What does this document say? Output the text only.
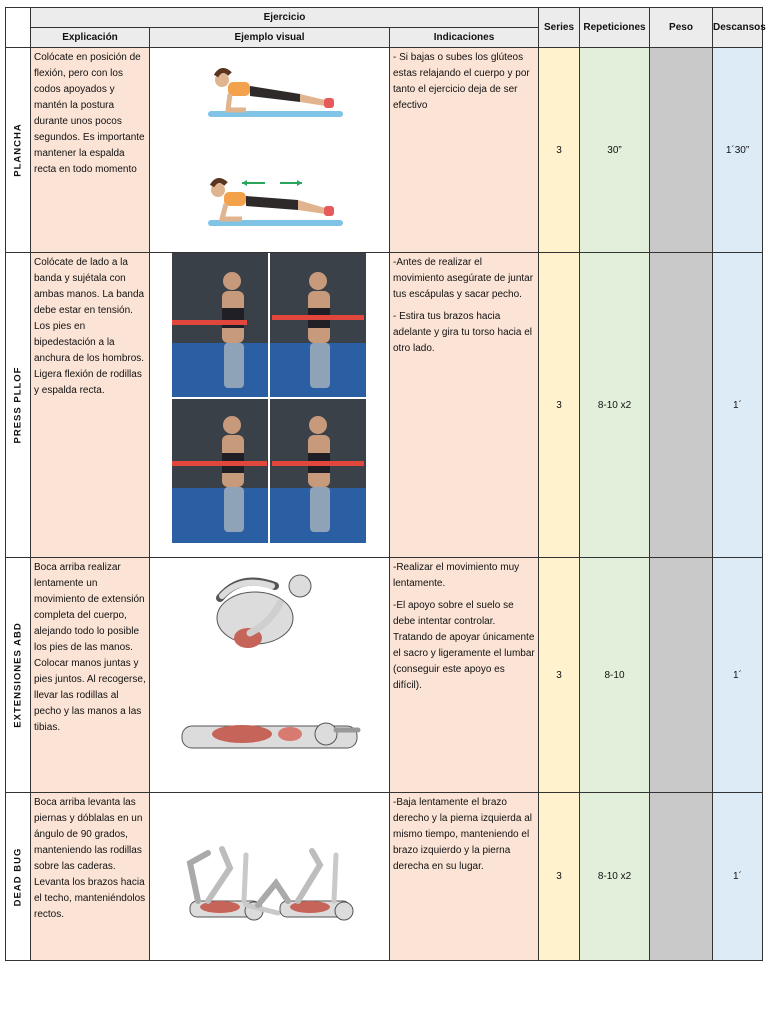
	Ejercicio			Series	Repeticiones	Peso	Descansos
	Explicación	Ejemplo visual	Indicaciones				

PLANCHA	Colócate en posición de flexión, pero con los codos apoyados y mantén la postura durante unos pocos segundos. Es importante mantener la espalda recta en todo momento		- Si bajas o subes los glúteos estas relajando el cuerpo y por tanto el ejercicio deja de ser efectivo	3	30”		1´30”

PRESS PLLOF	Colócate de lado a la banda y sujétala con ambas manos. La banda debe estar en tensión. Los pies en bipedestación a la anchura de los hombros. Ligera flexión de rodillas y espalda recta.		-Antes de realizar el movimiento asegúrate de juntar tus escápulas y sacar pecho.

- Estira tus brazos hacia adelante y gira tu torso hacia el otro lado.	3	8-10 x2		1´

EXTENSIONES ABD	Boca arriba realizar lentamente un movimiento de extensión completa del cuerpo, alejando todo lo posible los pies de las manos. Colocar manos juntas y pies juntos. Al recogerse, llevar las rodillas al pecho y las manos a las tibias.		-Realizar el movimiento muy lentamente.

-El apoyo sobre el suelo se debe intentar controlar. Tratando de apoyar únicamente el sacro y ligeramente el lumbar (conseguir este apoyo es difícil).	3	8-10		1´

DEAD BUG	Boca arriba levanta las piernas y dóblalas en un ángulo de 90 grados, manteniendo las rodillas sobre las caderas. Levanta los brazos hacia el techo, manteniéndolos rectos.		-Baja lentamente el brazo derecho y la pierna izquierda al mismo tiempo, manteniendo el brazo izquierdo y la pierna derecha en su lugar.	3	8-10 x2		1´
